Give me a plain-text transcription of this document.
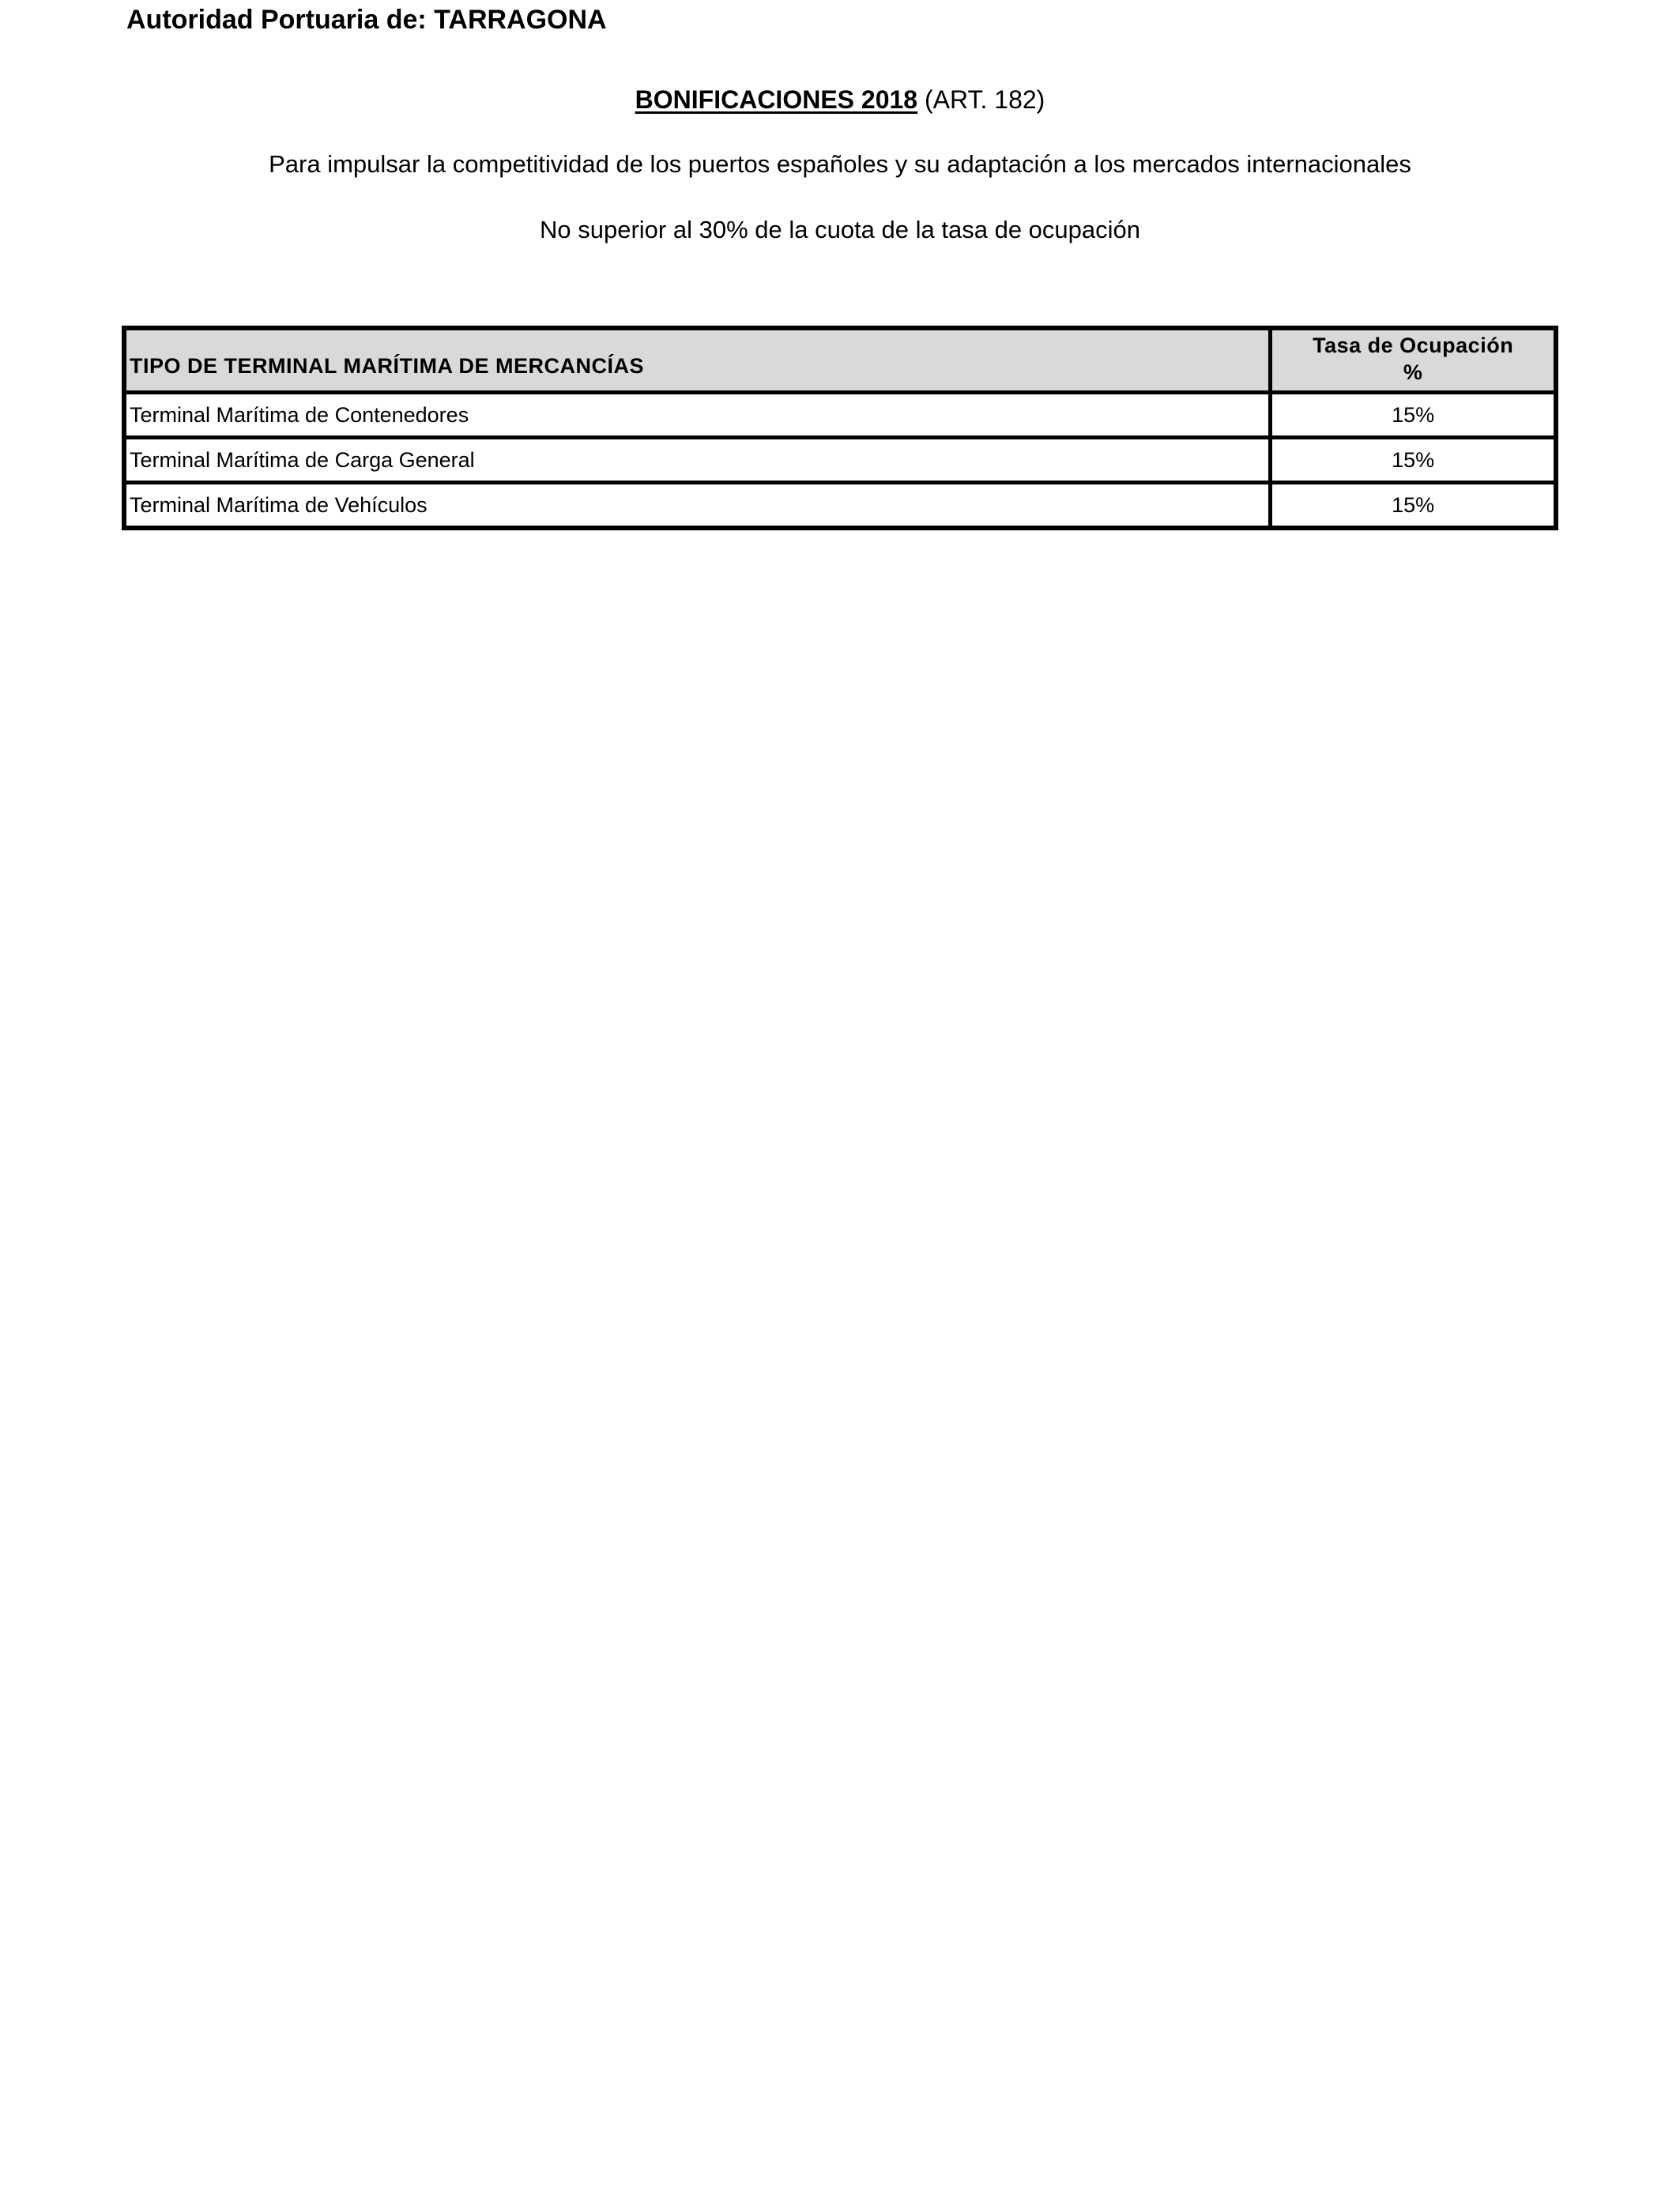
Autoridad Portuaria de: TARRAGONA
BONIFICACIONES 2018 (ART. 182)
Para impulsar la competitividad de los puertos españoles y su adaptación a los mercados internacionales
No superior al 30% de la cuota de la tasa de ocupación
TIPO DE TERMINAL MARÍTIMA DE MERCANCÍAS	Tasa de Ocupación
%
Terminal Marítima de Contenedores	15%
Terminal Marítima de Carga General	15%
Terminal Marítima de Vehículos	15%
